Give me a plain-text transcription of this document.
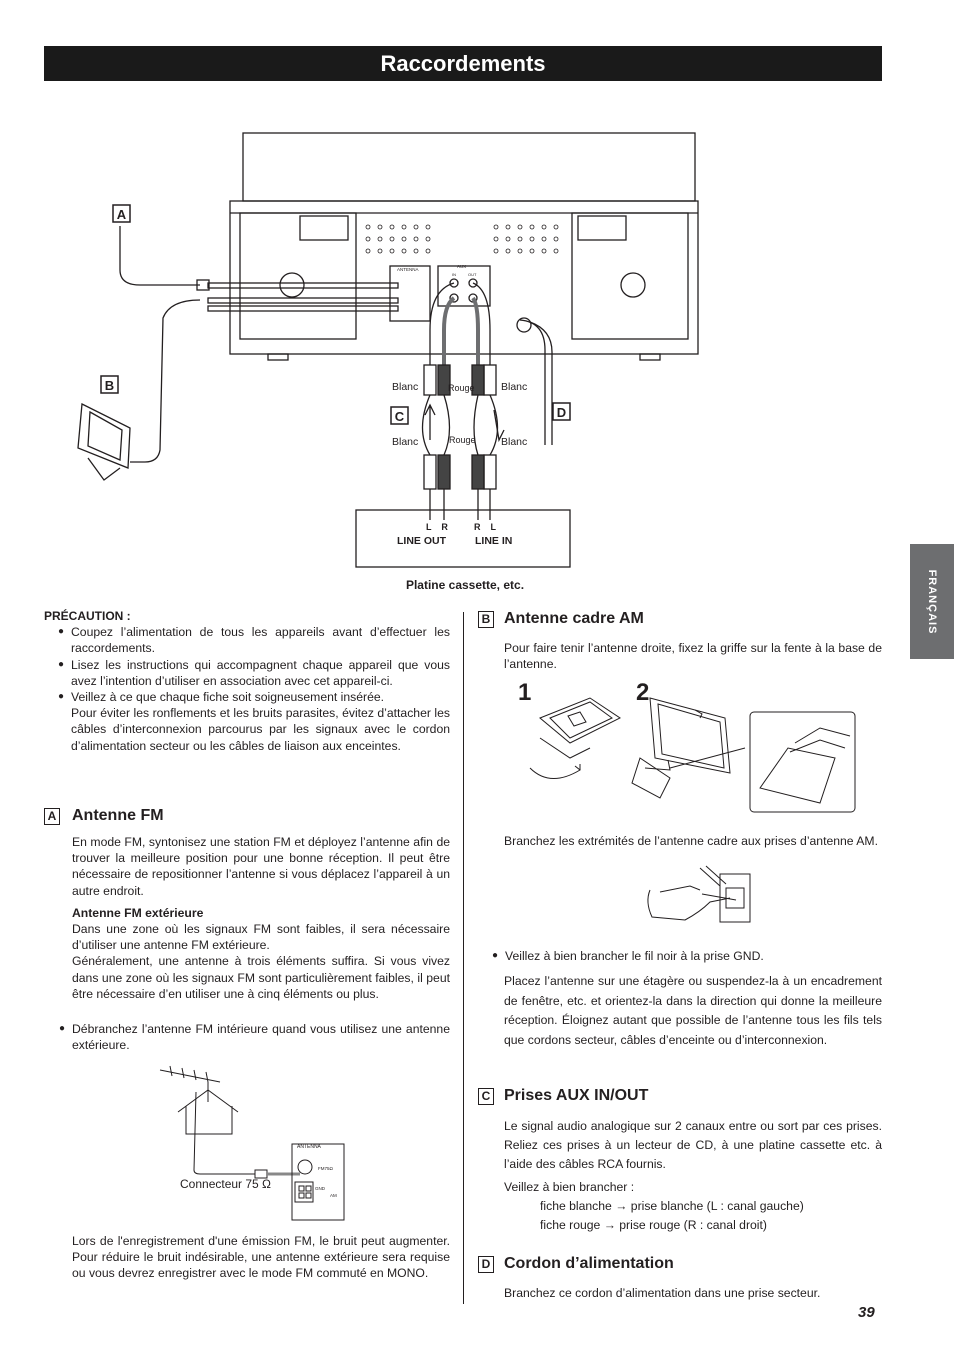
Raccordements
FRANÇAIS
A
B
C	D
Blanc	Rouge	Blanc
Blanc	Rouge Blanc
L    R	R    L
LINE OUT	LINE IN
Platine cassette, etc.
ANTENNA
AUX
IN	OUT
PRÉCAUTION :

● Coupez l’alimentation de tous les appareils avant d’effectuer les raccordements.

● Lisez les instructions qui accompagnent chaque appareil que vous avez l’intention d’utiliser en association avec cet appareil-ci.

● Veillez à ce que chaque fiche soit soigneusement insérée.

Pour éviter les ronflements et les bruits parasites, évitez d’attacher les câbles d’interconnexion parcourus par les signaux avec le cordon d’alimentation secteur ou les câbles de liaison aux enceintes.

A Antenne FM

En mode FM, syntonisez une station FM et déployez l’antenne afin de trouver la meilleure position pour une bonne réception. Il peut être nécessaire de repositionner l’antenne si vous déplacez l’appareil à un autre endroit.

Antenne FM extérieure

Dans une zone où les signaux FM sont faibles, il sera nécessaire d’utiliser une antenne FM extérieure.

Généralement, une antenne à trois éléments suffira. Si vous vivez dans une zone où les signaux FM sont particulièrement faibles, il peut être nécessaire d’en utiliser une à cinq éléments ou plus.

● Débranchez l’antenne FM intérieure quand vous utilisez une antenne extérieure.

ANTENNA
FM75Ω
GND
AM
Connecteur 75 Ω

Lors de l'enregistrement d'une émission FM, le bruit peut augmenter. Pour réduire le bruit indésirable, une antenne extérieure sera requise ou vous devrez enregistrer avec le mode FM commuté en MONO.

B Antenne cadre AM

Pour faire tenir l’antenne droite, fixez la griffe sur la fente à la base de l’antenne.

1	2

Branchez les extrémités de l’antenne cadre aux prises d’antenne AM.

● Veillez à bien brancher le fil noir à la prise GND.

Placez l’antenne sur une étagère ou suspendez-la à un encadrement de fenêtre, etc. et orientez-la dans la direction qui donne la meilleure réception. Éloignez autant que possible de l’antenne tous les fils tels que cordons secteur, câbles d’enceinte ou d’interconnexion.

C Prises AUX IN/OUT

Le signal audio analogique sur 2 canaux entre ou sort par ces prises. Reliez ces prises à un lecteur de CD, à une platine cassette etc. à l’aide des câbles RCA fournis.

Veillez à bien brancher :

fiche blanche → prise blanche (L : canal gauche)

fiche rouge → prise rouge (R : canal droit)

D Cordon d’alimentation

Branchez ce cordon d’alimentation dans une prise secteur.

39
